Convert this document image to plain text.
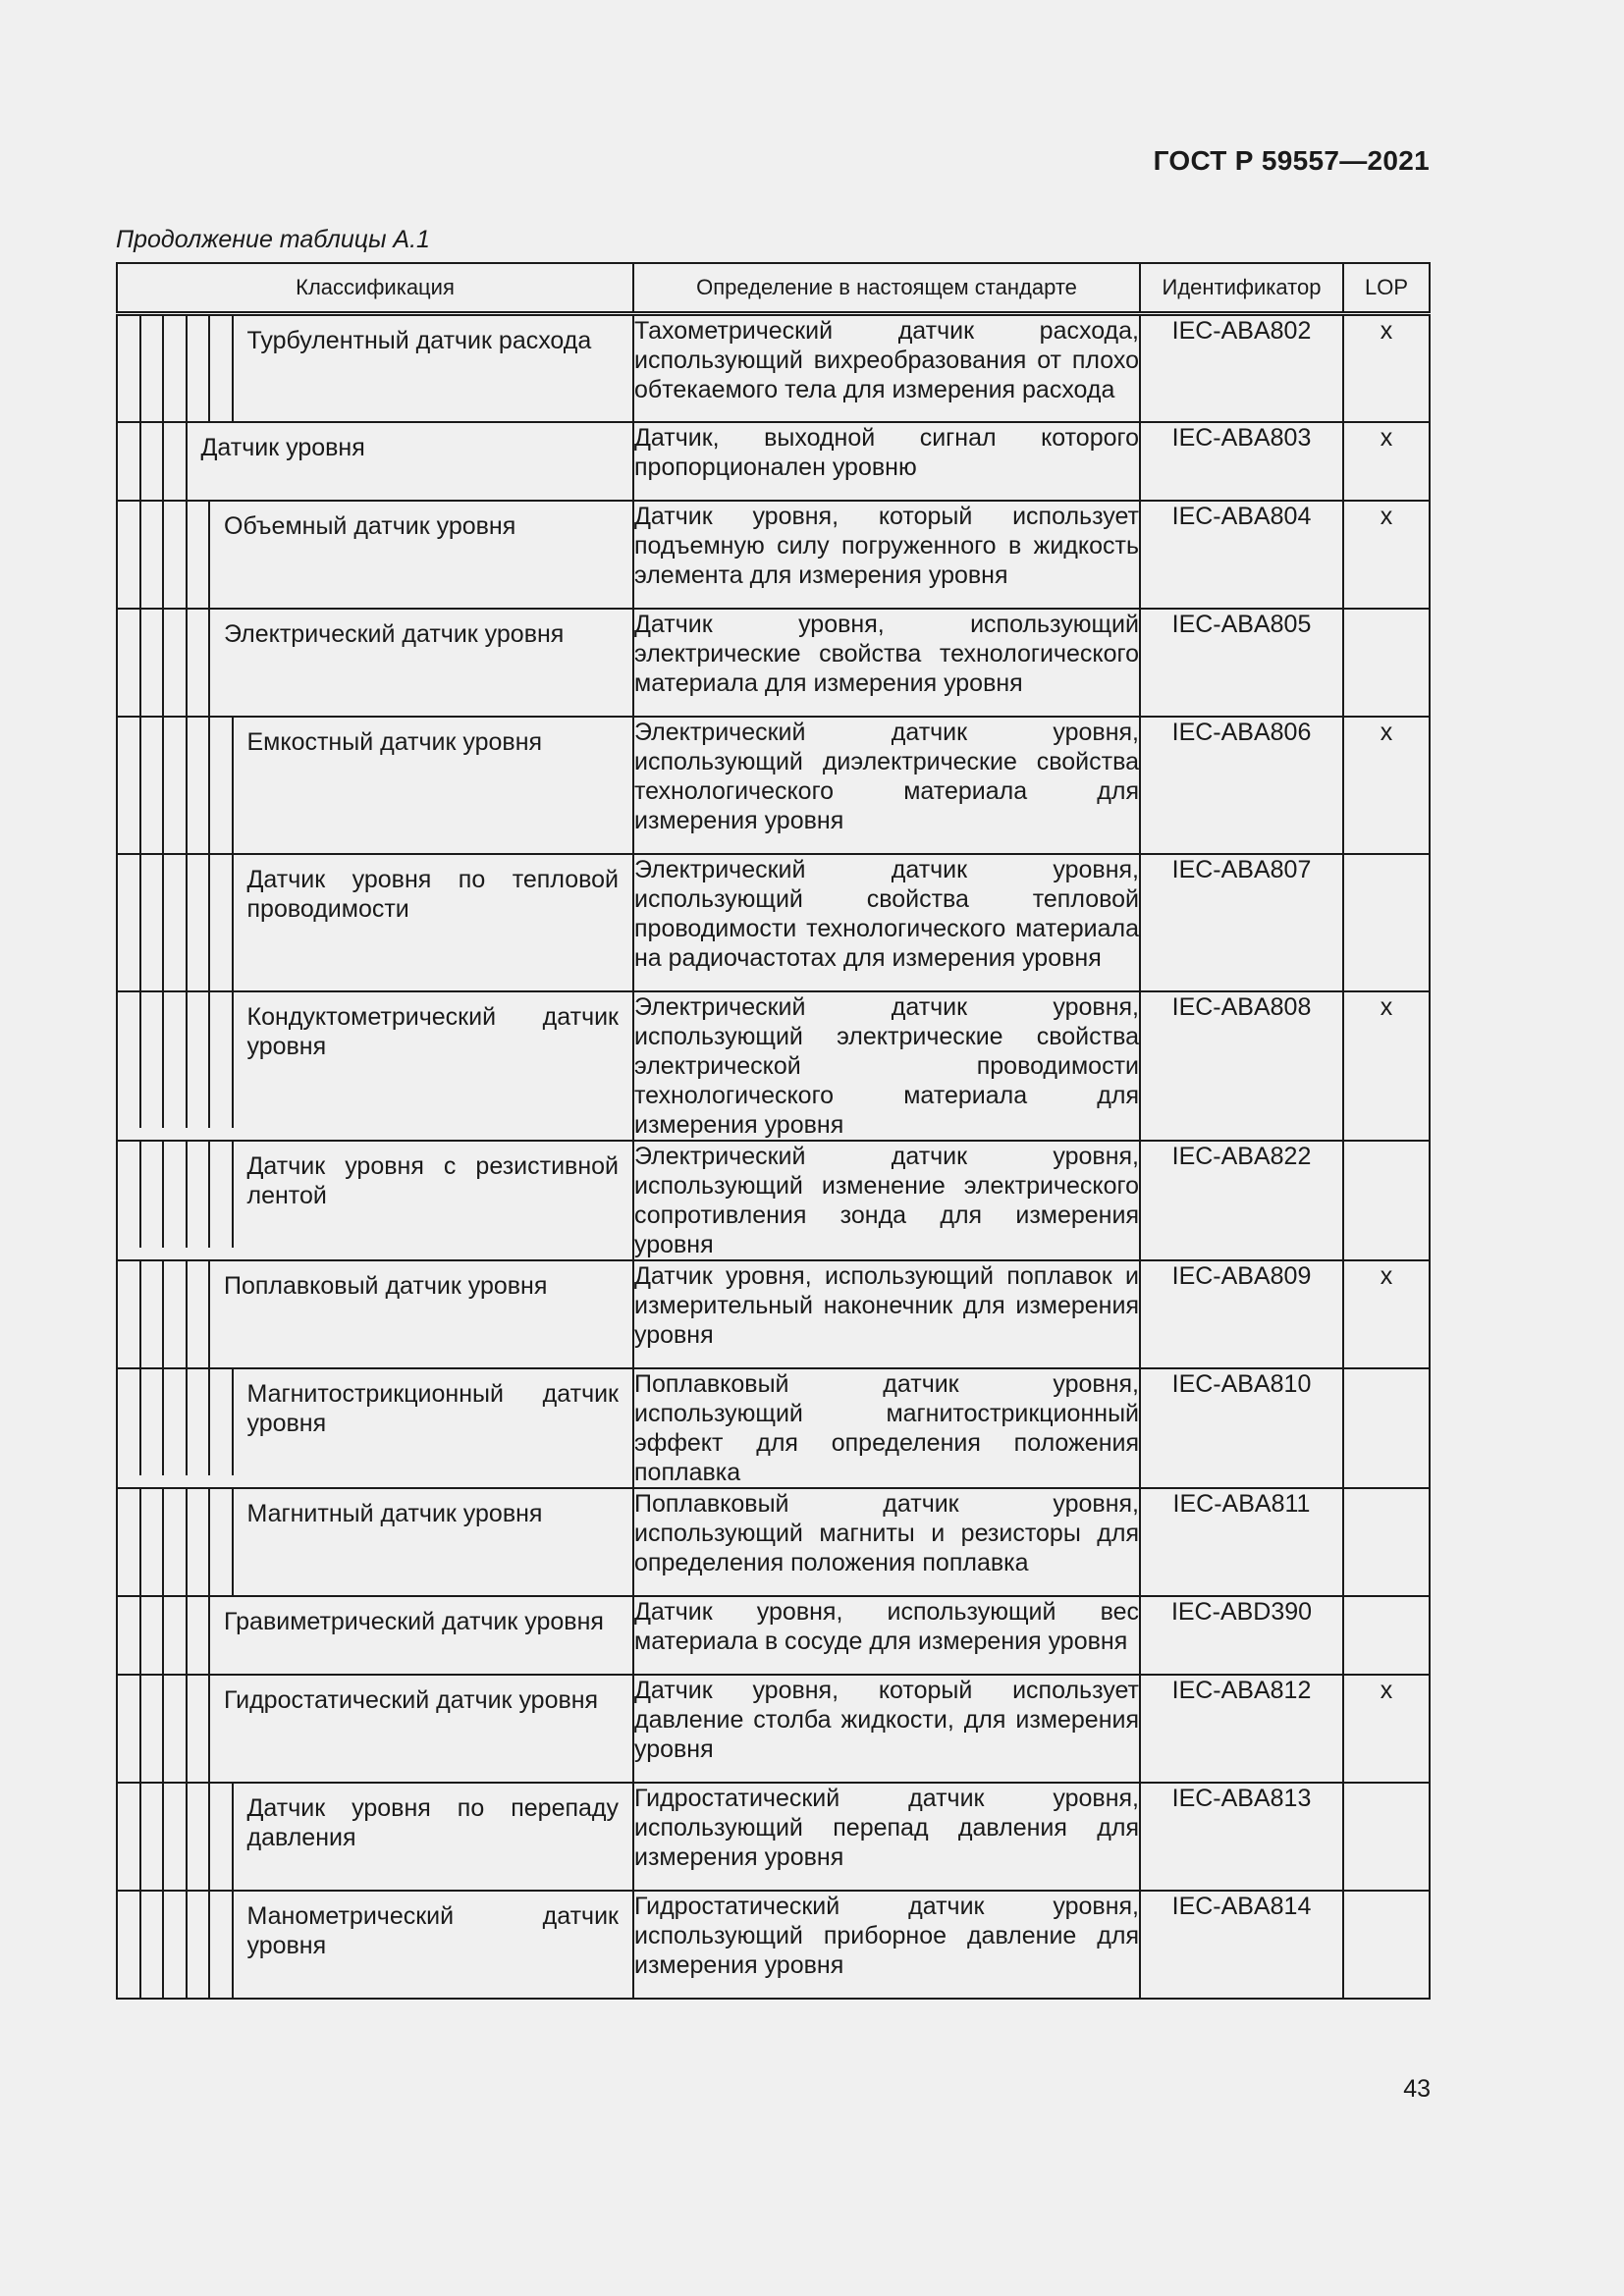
ГОСТ Р 59557—2021
Продолжение таблицы А.1
Классификация	Определение в настоящем стандарте	Идентификатор	LOP

Турбулентный датчик расхода	Тахометрический датчик расхода, использующий вихреобразования от плохо обтекаемого тела для измерения расхода	IEC-ABA802	x

Датчик уровня	Датчик, выходной сигнал которого пропорционален уровню	IEC-ABA803	x

Объемный датчик уровня	Датчик уровня, который использует подъемную силу погруженного в жидкость элемента для измерения уровня	IEC-ABA804	x

Электрический датчик уровня	Датчик уровня, использующий электрические свойства технологического материала для измерения уровня	IEC-ABA805	

Емкостный датчик уровня	Электрический датчик уровня, использующий диэлектрические свойства технологического материала для измерения уровня	IEC-ABA806	x

Датчик уровня по тепловой проводимости	Электрический датчик уровня, использующий свойства тепловой проводимости технологического материала на радиочастотах для измерения уровня	IEC-ABA807	

Кондуктометрический датчик уровня	Электрический датчик уровня, использующий электрические свойства электрической проводимости технологического материала для измерения уровня	IEC-ABA808	x

Датчик уровня с резистивной лентой	Электрический датчик уровня, использующий изменение электрического сопротивления зонда для измерения уровня	IEC-ABA822	

Поплавковый датчик уровня	Датчик уровня, использующий поплавок и измерительный наконечник для измерения уровня	IEC-ABA809	x

Магнитострикционный датчик уровня	Поплавковый датчик уровня, использующий магнитострикционный эффект для определения положения поплавка	IEC-ABA810	

Магнитный датчик уровня	Поплавковый датчик уровня, использующий магниты и резисторы для определения положения поплавка	IEC-ABA811	

Гравиметрический датчик уровня	Датчик уровня, использующий вес материала в сосуде для измерения уровня	IEC-ABD390	

Гидростатический датчик уровня	Датчик уровня, который использует давление столба жидкости, для измерения уровня	IEC-ABA812	x

Датчик уровня по перепаду давления	Гидростатический датчик уровня, использующий перепад давления для измерения уровня	IEC-ABA813	

Манометрический датчик уровня	Гидростатический датчик уровня, использующий приборное давление для измерения уровня	IEC-ABA814	
43
